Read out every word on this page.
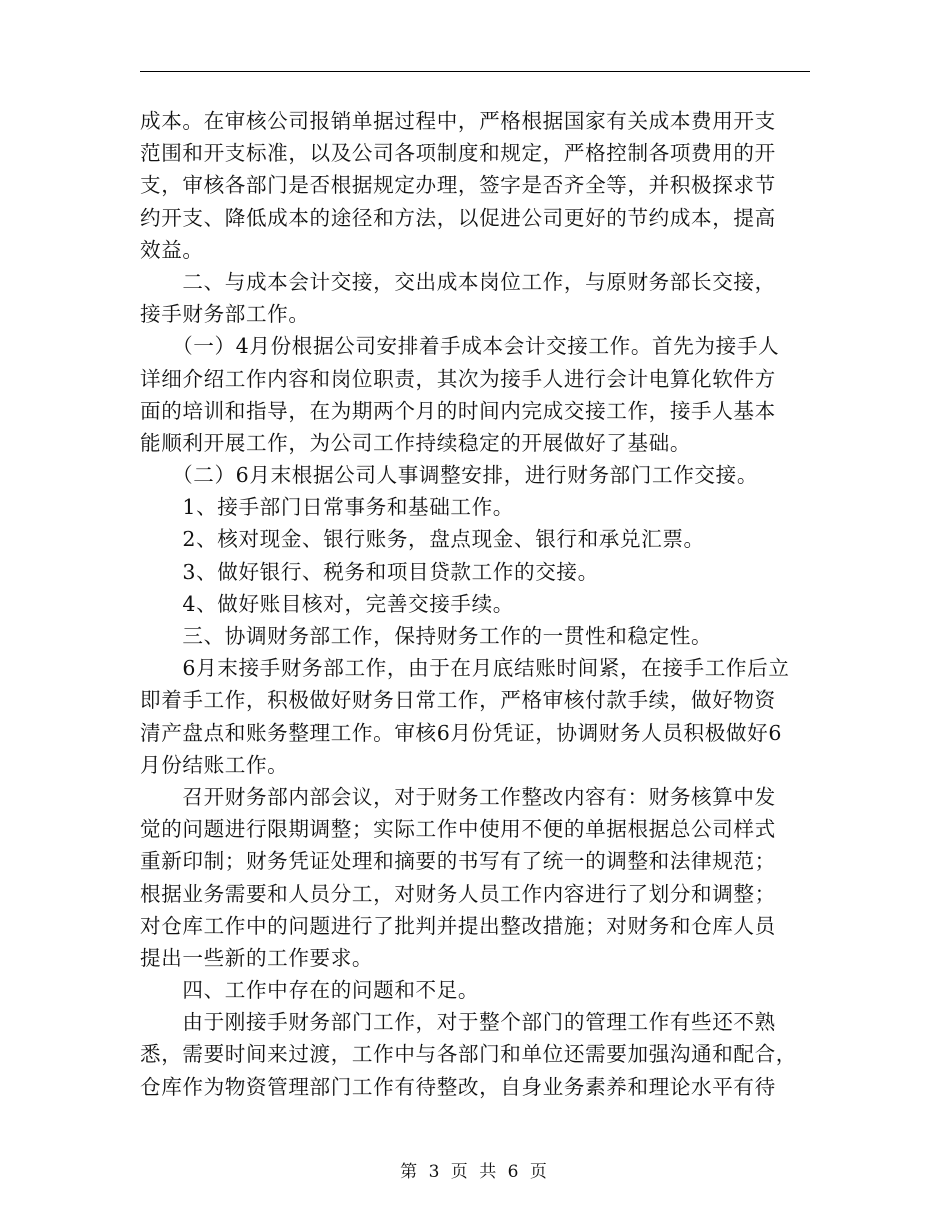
成本。在审核公司报销单据过程中，严格根据国家有关成本费用开支
范围和开支标准，以及公司各项制度和规定，严格控制各项费用的开
支，审核各部门是否根据规定办理，签字是否齐全等，并积极探求节
约开支、降低成本的途径和方法，以促进公司更好的节约成本，提高
效益。
　　二、与成本会计交接，交出成本岗位工作，与原财务部长交接，
接手财务部工作。
　　（一）4月份根据公司安排着手成本会计交接工作。首先为接手人
详细介绍工作内容和岗位职责，其次为接手人进行会计电算化软件方
面的培训和指导，在为期两个月的时间内完成交接工作，接手人基本
能顺利开展工作，为公司工作持续稳定的开展做好了基础。
　　（二）6月末根据公司人事调整安排，进行财务部门工作交接。
　　1、接手部门日常事务和基础工作。
　　2、核对现金、银行账务，盘点现金、银行和承兑汇票。
　　3、做好银行、税务和项目贷款工作的交接。
　　4、做好账目核对，完善交接手续。
　　三、协调财务部工作，保持财务工作的一贯性和稳定性。
　　6月末接手财务部工作，由于在月底结账时间紧，在接手工作后立
即着手工作，积极做好财务日常工作，严格审核付款手续，做好物资
清产盘点和账务整理工作。审核6月份凭证，协调财务人员积极做好6
月份结账工作。
　　召开财务部内部会议，对于财务工作整改内容有：财务核算中发
觉的问题进行限期调整；实际工作中使用不便的单据根据总公司样式
重新印制；财务凭证处理和摘要的书写有了统一的调整和法律规范；
根据业务需要和人员分工，对财务人员工作内容进行了划分和调整；
对仓库工作中的问题进行了批判并提出整改措施；对财务和仓库人员
提出一些新的工作要求。
　　四、工作中存在的问题和不足。
　　由于刚接手财务部门工作，对于整个部门的管理工作有些还不熟
悉，需要时间来过渡，工作中与各部门和单位还需要加强沟通和配合，
仓库作为物资管理部门工作有待整改，自身业务素养和理论水平有待
第 3 页 共 6 页
